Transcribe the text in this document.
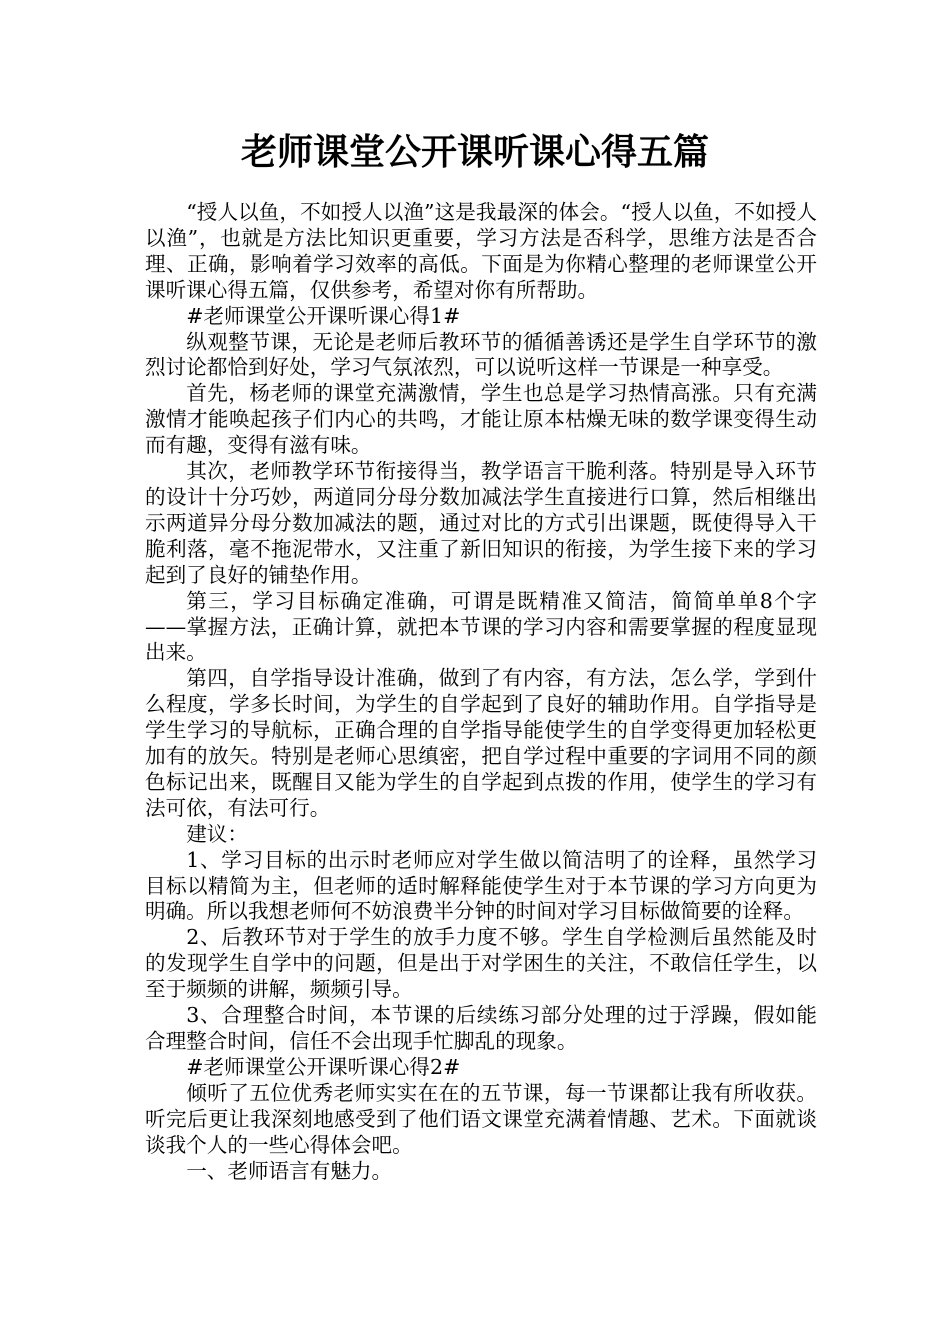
老师课堂公开课听课心得五篇

“授人以鱼，不如授人以渔”这是我最深的体会。“授人以鱼，不如授人以渔”，也就是方法比知识更重要，学习方法是否科学，思维方法是否合理、正确，影响着学习效率的高低。下面是为你精心整理的老师课堂公开课听课心得五篇，仅供参考，希望对你有所帮助。

#老师课堂公开课听课心得1#

纵观整节课，无论是老师后教环节的循循善诱还是学生自学环节的激烈讨论都恰到好处，学习气氛浓烈，可以说听这样一节课是一种享受。

首先，杨老师的课堂充满激情，学生也总是学习热情高涨。只有充满激情才能唤起孩子们内心的共鸣，才能让原本枯燥无味的数学课变得生动而有趣，变得有滋有味。

其次，老师教学环节衔接得当，教学语言干脆利落。特别是导入环节的设计十分巧妙，两道同分母分数加减法学生直接进行口算，然后相继出示两道异分母分数加减法的题，通过对比的方式引出课题，既使得导入干脆利落，毫不拖泥带水，又注重了新旧知识的衔接，为学生接下来的学习起到了良好的铺垫作用。

第三，学习目标确定准确，可谓是既精准又简洁，简简单单8个字——掌握方法，正确计算，就把本节课的学习内容和需要掌握的程度显现出来。

第四，自学指导设计准确，做到了有内容，有方法，怎么学，学到什么程度，学多长时间，为学生的自学起到了良好的辅助作用。自学指导是学生学习的导航标，正确合理的自学指导能使学生的自学变得更加轻松更加有的放矢。特别是老师心思缜密，把自学过程中重要的字词用不同的颜色标记出来，既醒目又能为学生的自学起到点拨的作用，使学生的学习有法可依，有法可行。

建议：

1、学习目标的出示时老师应对学生做以简洁明了的诠释，虽然学习目标以精简为主，但老师的适时解释能使学生对于本节课的学习方向更为明确。所以我想老师何不妨浪费半分钟的时间对学习目标做简要的诠释。

2、后教环节对于学生的放手力度不够。学生自学检测后虽然能及时的发现学生自学中的问题，但是出于对学困生的关注，不敢信任学生，以至于频频的讲解，频频引导。

3、合理整合时间，本节课的后续练习部分处理的过于浮躁，假如能合理整合时间，信任不会出现手忙脚乱的现象。

#老师课堂公开课听课心得2#

倾听了五位优秀老师实实在在的五节课，每一节课都让我有所收获。听完后更让我深刻地感受到了他们语文课堂充满着情趣、艺术。下面就谈谈我个人的一些心得体会吧。

一、老师语言有魅力。
